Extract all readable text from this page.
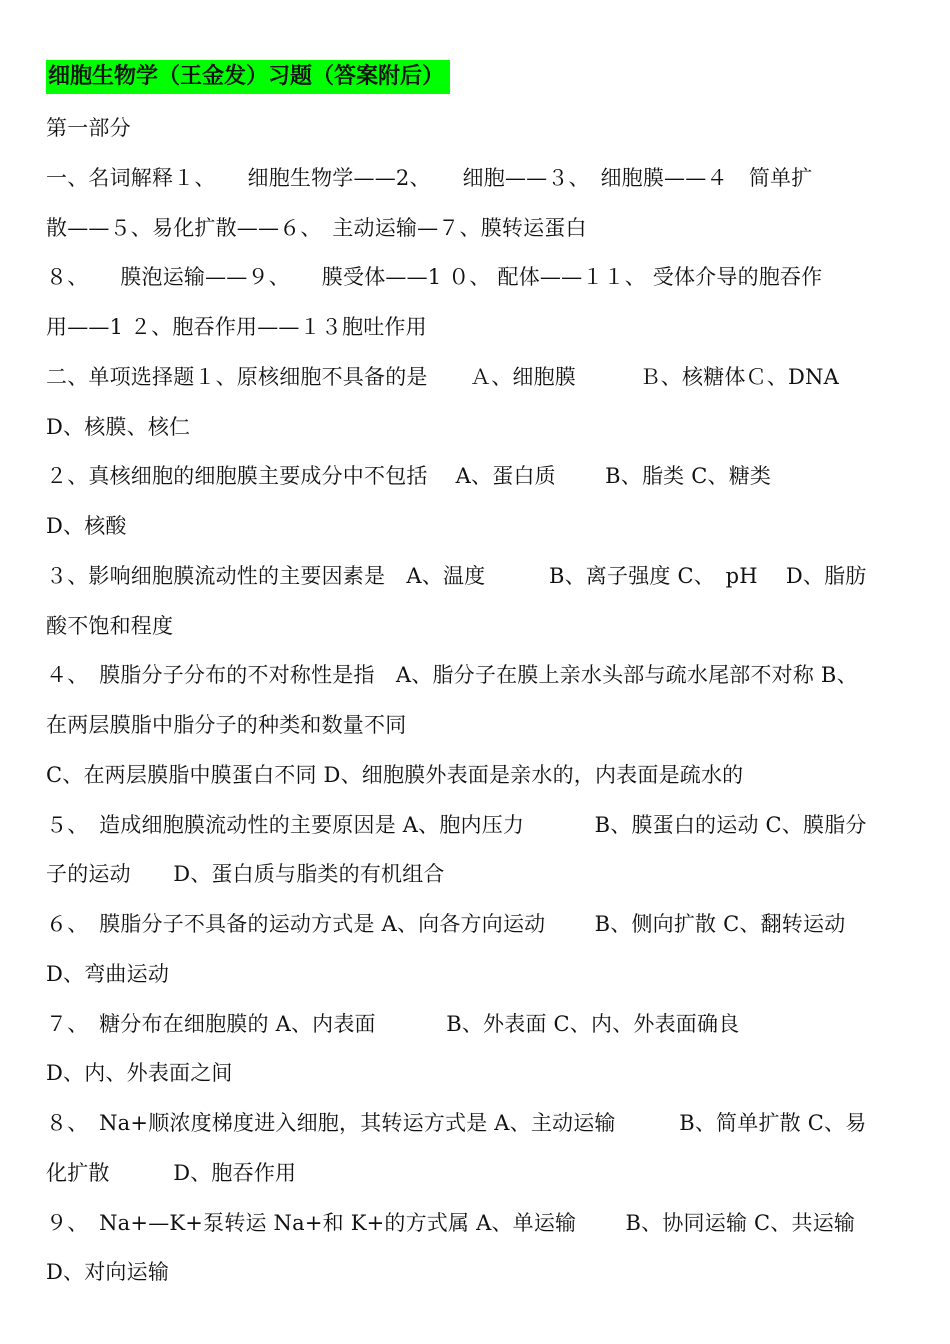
细胞生物学（王金发）习题（答案附后）
第一部分
一、名词解释１、　　细胞生物学——2、　　细胞——３、　细胞膜——４　简单扩
散——５、易化扩散——６、　主动运输—７、膜转运蛋白
８、　　膜泡运输——９、　　膜受体——1 ０、 配体——１１、 受体介导的胞吞作
用——1 ２、胞吞作用——１３胞吐作用
二、单项选择题１、原核细胞不具备的是　　Ａ、细胞膜　　　Ｂ、核糖体Ｃ、DNA
D、核膜、核仁
２、真核细胞的细胞膜主要成分中不包括　 A、蛋白质　　 B、脂类 C、糖类
D、核酸
３、影响细胞膜流动性的主要因素是　A、温度　　　B、离子强度 C、　pH　 D、脂肪
酸不饱和程度
４、　膜脂分子分布的不对称性是指　A、脂分子在膜上亲水头部与疏水尾部不对称 B、
在两层膜脂中脂分子的种类和数量不同
C、在两层膜脂中膜蛋白不同 D、细胞膜外表面是亲水的，内表面是疏水的
５、　造成细胞膜流动性的主要原因是 A、胞内压力　　　 B、膜蛋白的运动 C、膜脂分
子的运动　　D、蛋白质与脂类的有机组合
６、　膜脂分子不具备的运动方式是 A、向各方向运动　　 B、侧向扩散 C、翻转运动
D、弯曲运动
７、　糖分布在细胞膜的 A、内表面　　　 B、外表面 C、内、外表面确良
D、内、外表面之间
８、　Na+顺浓度梯度进入细胞，其转运方式是 A、主动运输　　　B、简单扩散 C、易
化扩散　　　D、胞吞作用
９、　Na+—K+泵转运 Na+和 K+的方式属 A、单运输　　 B、协同运输 C、共运输
D、对向运输
